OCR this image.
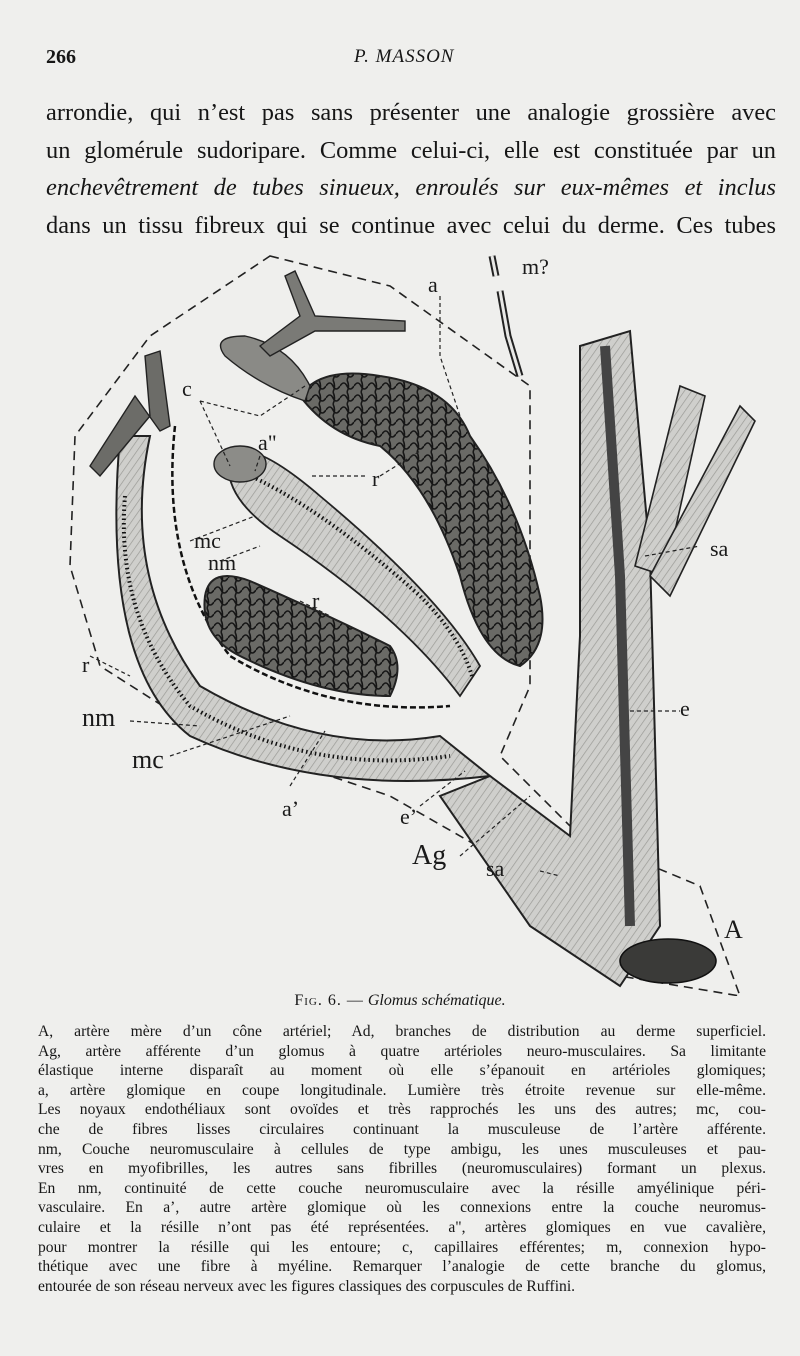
266	P. MASSON
arrondie, qui n’est pas sans présenter une analogie grossière avec
un glomérule sudoripare. Comme celui-ci, elle est constituée par un
enchevêtrement de tubes sinueux, enroulés sur eux-mêmes et inclus
dans un tissu fibreux qui se continue avec celui du derme. Ces tubes
m?
a
c
a"
r
mc
nm
r
sa
r
nm	e
mc
a’	e’
Ag sa
A
Fig. 6. — Glomus schématique.
A, artère mère d’un cône artériel; Ad, branches de distribution au derme superficiel.
Ag, artère afférente d’un glomus à quatre artérioles neuro-musculaires. Sa limitante
élastique interne disparaît au moment où elle s’épanouit en artérioles glomiques;
a, artère glomique en coupe longitudinale. Lumière très étroite revenue sur elle-même.
Les noyaux endothéliaux sont ovoïdes et très rapprochés les uns des autres; mc, cou-
che de fibres lisses circulaires continuant la musculeuse de l’artère afférente.
nm, Couche neuromusculaire à cellules de type ambigu, les unes musculeuses et pau-
vres en myofibrilles, les autres sans fibrilles (neuromusculaires) formant un plexus.
En nm, continuité de cette couche neuromusculaire avec la résille amyélinique péri-
vasculaire. En a’, autre artère glomique où les connexions entre la couche neuromus-
culaire et la résille n’ont pas été représentées. a", artères glomiques en vue cavalière,
pour montrer la résille qui les entoure; c, capillaires efférentes; m, connexion hypo-
thétique avec une fibre à myéline. Remarquer l’analogie de cette branche du glomus,
entourée de son réseau nerveux avec les figures classiques des corpuscules de Ruffini.
